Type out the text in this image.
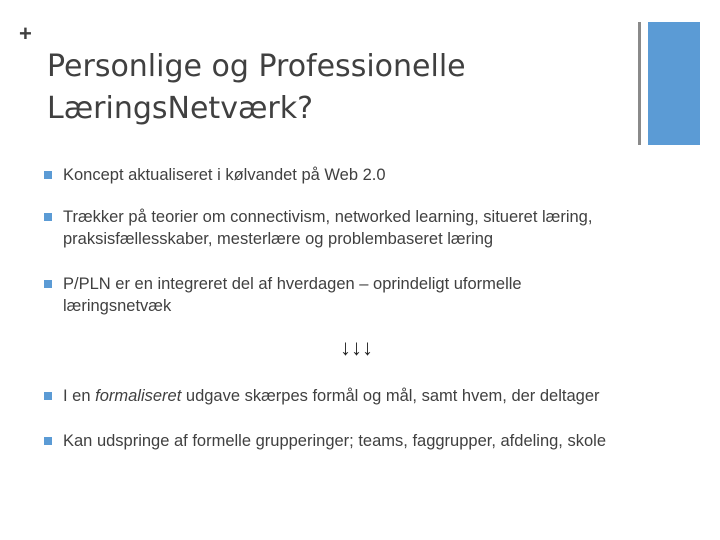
+
Personlige og Professionelle
LæringsNetværk?
Koncept aktualiseret i kølvandet på Web 2.0
Trækker på teorier om connectivism, networked learning, situeret læring, praksisfællesskaber, mesterlære og problembaseret læring
P/PLN er en integreret del af hverdagen – oprindeligt uformelle læringsnetvæk
↓↓↓
I en formaliseret udgave skærpes formål og mål, samt hvem, der deltager
Kan udspringe af formelle grupperinger; teams, faggrupper, afdeling, skole
